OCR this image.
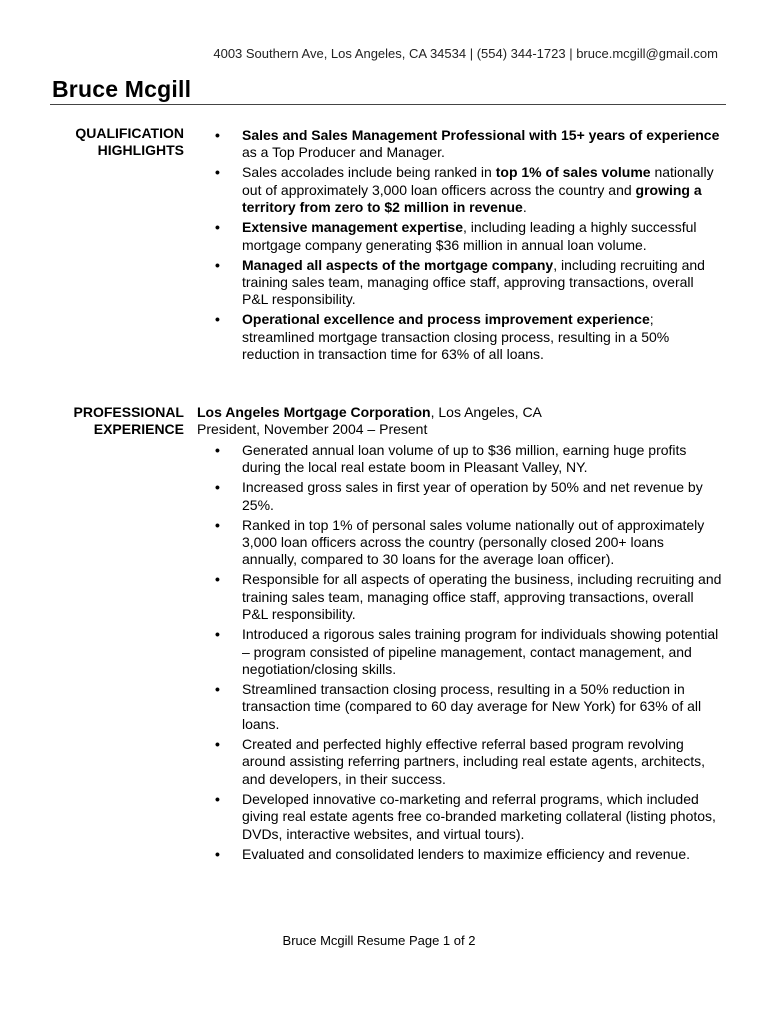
4003 Southern Ave, Los Angeles, CA 34534 | (554) 344-1723 | bruce.mcgill@gmail.com
Bruce Mcgill
QUALIFICATION
HIGHLIGHTS
• Sales and Sales Management Professional with 15+ years of experience as a Top Producer and Manager.
• Sales accolades include being ranked in top 1% of sales volume nationally out of approximately 3,000 loan officers across the country and growing a territory from zero to $2 million in revenue.
• Extensive management expertise, including leading a highly successful mortgage company generating $36 million in annual loan volume.
• Managed all aspects of the mortgage company, including recruiting and training sales team, managing office staff, approving transactions, overall P&L responsibility.
• Operational excellence and process improvement experience; streamlined mortgage transaction closing process, resulting in a 50% reduction in transaction time for 63% of all loans.
PROFESSIONAL
EXPERIENCE
Los Angeles Mortgage Corporation, Los Angeles, CA
President, November 2004 – Present
• Generated annual loan volume of up to $36 million, earning huge profits during the local real estate boom in Pleasant Valley, NY.
• Increased gross sales in first year of operation by 50% and net revenue by 25%.
• Ranked in top 1% of personal sales volume nationally out of approximately 3,000 loan officers across the country (personally closed 200+ loans annually, compared to 30 loans for the average loan officer).
• Responsible for all aspects of operating the business, including recruiting and training sales team, managing office staff, approving transactions, overall P&L responsibility.
• Introduced a rigorous sales training program for individuals showing potential – program consisted of pipeline management, contact management, and negotiation/closing skills.
• Streamlined transaction closing process, resulting in a 50% reduction in transaction time (compared to 60 day average for New York) for 63% of all loans.
• Created and perfected highly effective referral based program revolving around assisting referring partners, including real estate agents, architects, and developers, in their success.
• Developed innovative co-marketing and referral programs, which included giving real estate agents free co-branded marketing collateral (listing photos, DVDs, interactive websites, and virtual tours).
• Evaluated and consolidated lenders to maximize efficiency and revenue.
Bruce Mcgill Resume Page 1 of 2
